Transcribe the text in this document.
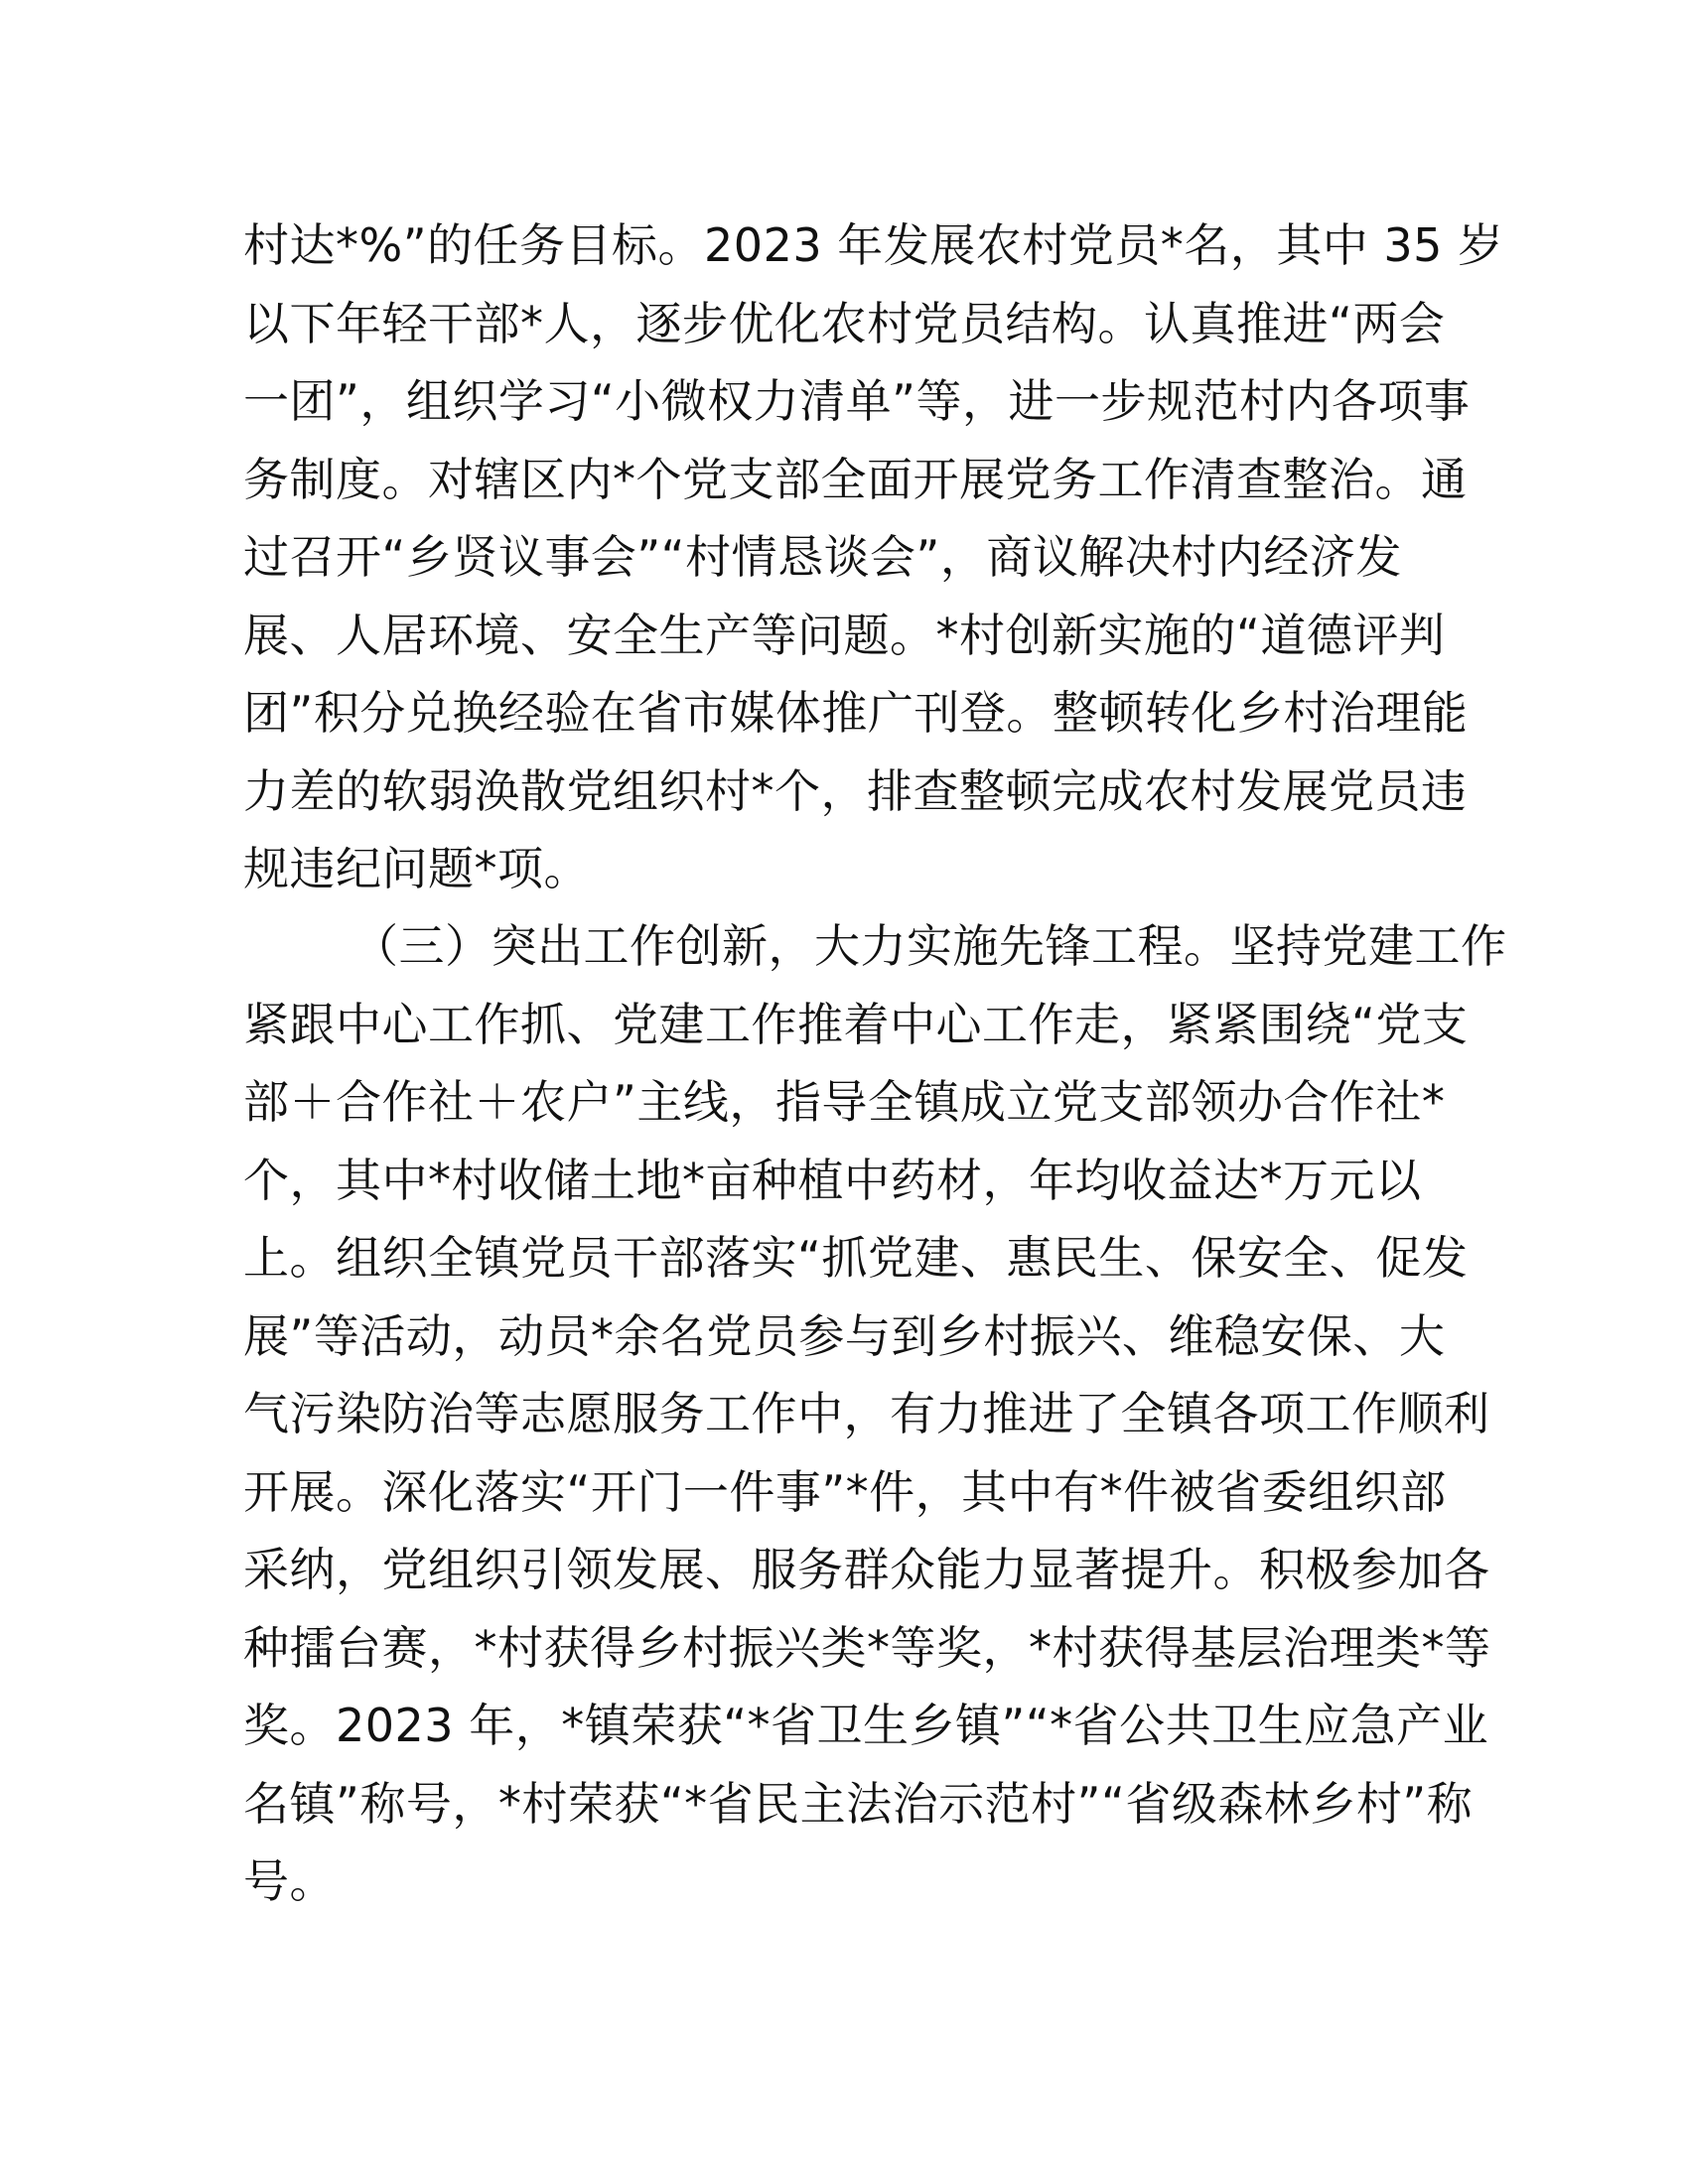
村达*%”的任务目标。2023 年发展农村党员*名，其中 35 岁
以下年轻干部*人，逐步优化农村党员结构。认真推进“两会
一团”，组织学习“小微权力清单”等，进一步规范村内各项事
务制度。对辖区内*个党支部全面开展党务工作清查整治。通
过召开“乡贤议事会”“村情恳谈会”，商议解决村内经济发
展、人居环境、安全生产等问题。*村创新实施的“道德评判
团”积分兑换经验在省市媒体推广刊登。整顿转化乡村治理能
力差的软弱涣散党组织村*个，排查整顿完成农村发展党员违
规违纪问题*项。
（三）突出工作创新，大力实施先锋工程。坚持党建工作
紧跟中心工作抓、党建工作推着中心工作走，紧紧围绕“党支
部＋合作社＋农户”主线，指导全镇成立党支部领办合作社*
个，其中*村收储土地*亩种植中药材，年均收益达*万元以
上。组织全镇党员干部落实“抓党建、惠民生、保安全、促发
展”等活动，动员*余名党员参与到乡村振兴、维稳安保、大
气污染防治等志愿服务工作中，有力推进了全镇各项工作顺利
开展。深化落实“开门一件事”*件，其中有*件被省委组织部
采纳，党组织引领发展、服务群众能力显著提升。积极参加各
种擂台赛，*村获得乡村振兴类*等奖，*村获得基层治理类*等
奖。2023 年，*镇荣获“*省卫生乡镇”“*省公共卫生应急产业
名镇”称号，*村荣获“*省民主法治示范村”“省级森林乡村”称
号。
